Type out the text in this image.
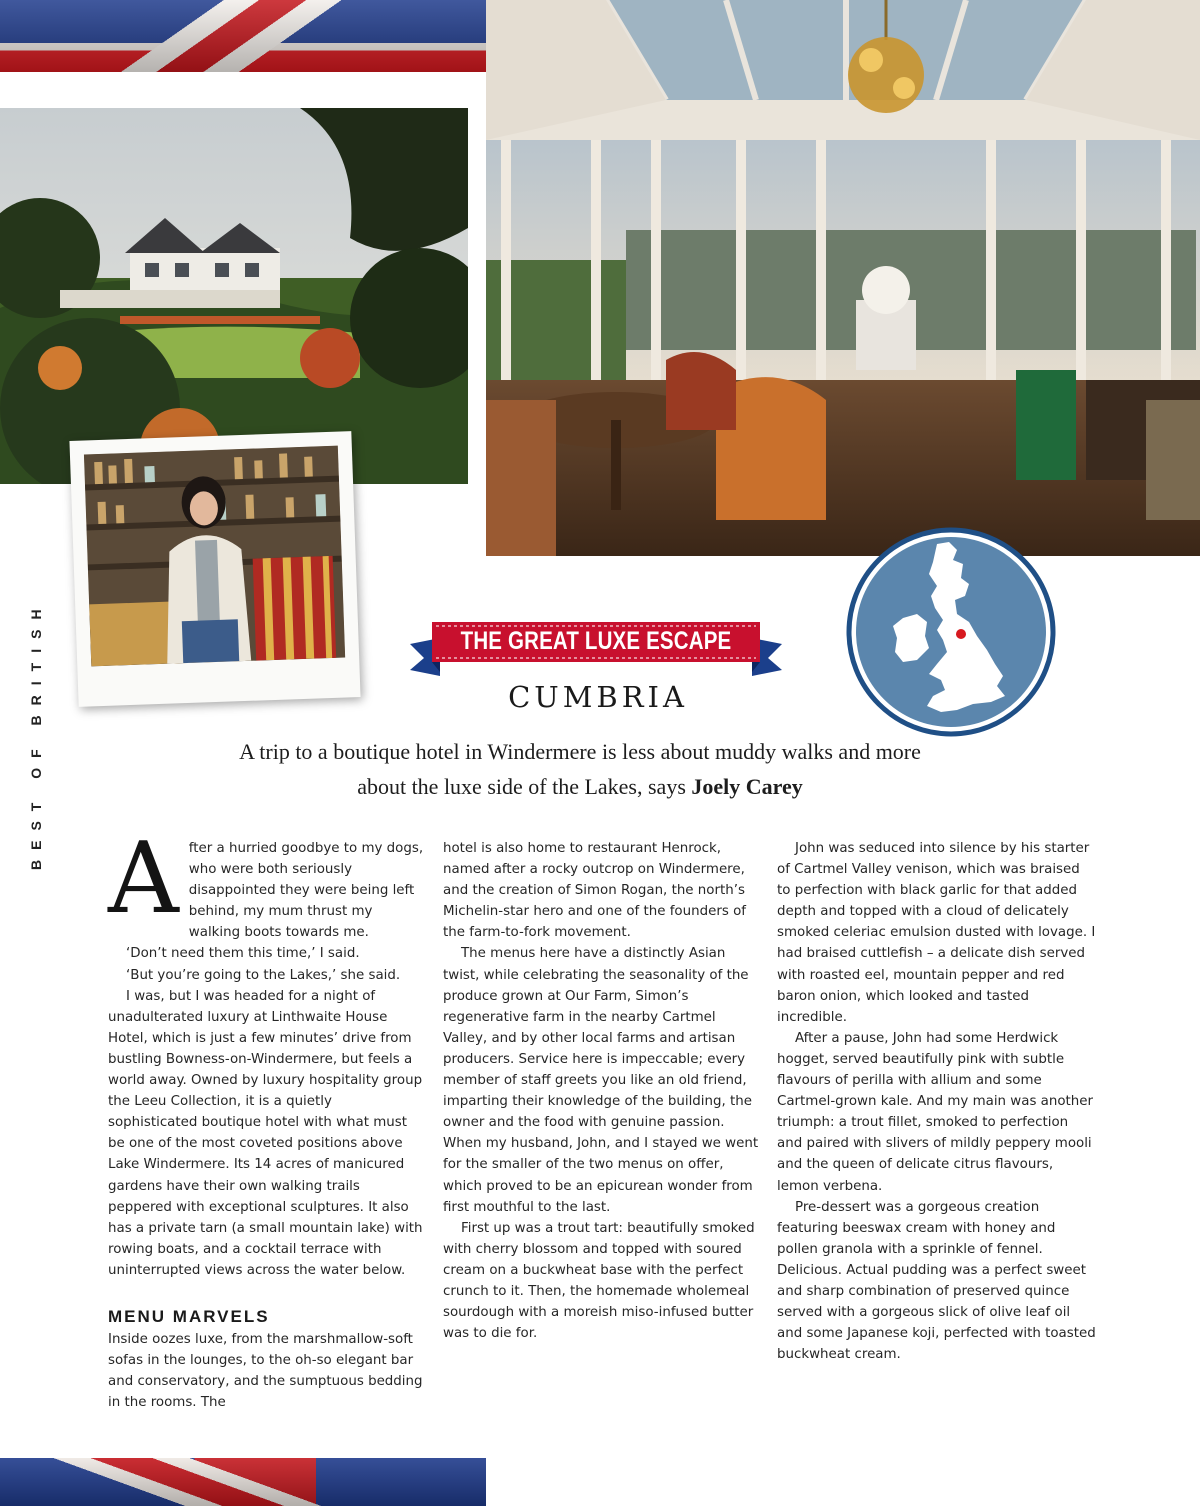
BEST OF BRITISH	THE GREAT LUXE ESCAPE
CUMBRIA
A trip to a boutique hotel in Windermere is less about muddy walks and more about the luxe side of the Lakes, says Joely Carey
A fter a hurried goodbye to my dogs, who were both seriously disappointed they were being left behind, my mum thrust my walking boots towards me.

‘Don’t need them this time,’ I said.

‘But you’re going to the Lakes,’ she said.

I was, but I was headed for a night of unadulterated luxury at Linthwaite House Hotel, which is just a few minutes’ drive from bustling Bowness-on-Windermere, but feels a world away. Owned by luxury hospitality group the Leeu Collection, it is a quietly sophisticated boutique hotel with what must be one of the most coveted positions above Lake Windermere. Its 14 acres of manicured gardens have their own walking trails peppered with exceptional sculptures. It also has a private tarn (a small mountain lake) with rowing boats, and a cocktail terrace with uninterrupted views across the water below.

MENU MARVELS

Inside oozes luxe, from the marshmallow-soft sofas in the lounges, to the oh-so elegant bar and conservatory, and the sumptuous bedding in the rooms. The

hotel is also home to restaurant Henrock, named after a rocky outcrop on Windermere, and the creation of Simon Rogan, the north’s Michelin-star hero and one of the founders of the farm-to-fork movement.

The menus here have a distinctly Asian twist, while celebrating the seasonality of the produce grown at Our Farm, Simon’s regenerative farm in the nearby Cartmel Valley, and by other local farms and artisan producers. Service here is impeccable; every member of staff greets you like an old friend, imparting their knowledge of the building, the owner and the food with genuine passion. When my husband, John, and I stayed we went for the smaller of the two menus on offer, which proved to be an epicurean wonder from first mouthful to the last.

First up was a trout tart: beautifully smoked with cherry blossom and topped with soured cream on a buckwheat base with the perfect crunch to it. Then, the homemade wholemeal sourdough with a moreish miso-infused butter was to die for.

John was seduced into silence by his starter of Cartmel Valley venison, which was braised to perfection with black garlic for that added depth and topped with a cloud of delicately smoked celeriac emulsion dusted with lovage. I had braised cuttlefish – a delicate dish served with roasted eel, mountain pepper and red baron onion, which looked and tasted incredible.

After a pause, John had some Herdwick hogget, served beautifully pink with subtle flavours of perilla with allium and some Cartmel-grown kale. And my main was another triumph: a trout fillet, smoked to perfection and paired with slivers of mildly peppery mooli and the queen of delicate citrus flavours, lemon verbena.

Pre-dessert was a gorgeous creation featuring beeswax cream with honey and pollen granola with a sprinkle of fennel. Delicious. Actual pudding was a perfect sweet and sharp combination of preserved quince served with a gorgeous slick of olive leaf oil and some Japanese koji, perfected with toasted buckwheat cream.
